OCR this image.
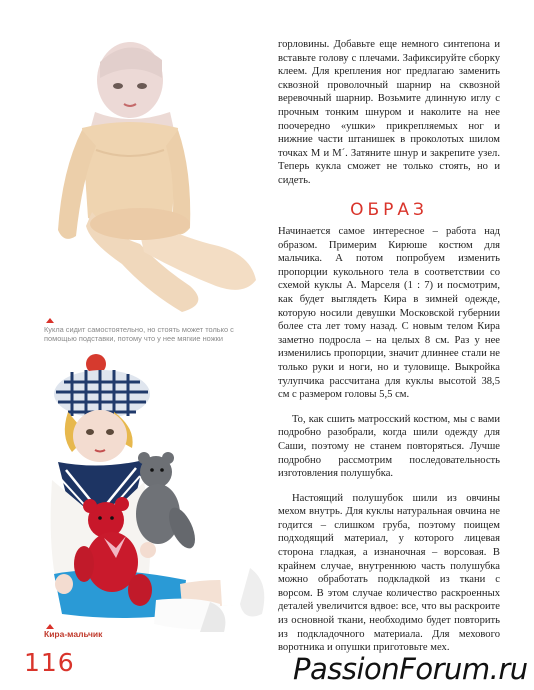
Кукла сидит самостоятельно, но стоять может только с помощью подставки, потому что у нее мягкие ножки
Кира-мальчик
116

горловины. Добавьте еще немного синтепона и вставьте голову с плечами. Зафиксируйте сборку клеем. Для крепления ног предлагаю заменить сквозной проволочный шарнир на сквозной веревочный шарнир. Возьмите длинную иглу с прочным тонким шнуром и наколите на нее поочередно «ушки» прикрепляемых ног и нижние части штанишек в проколотых шилом точках М и М´. Затяните шнур и закрепите узел. Теперь кукла сможет не только стоять, но и сидеть.

ОБРАЗ

Начинается самое интересное – работа над образом. Примерим Кирюше костюм для мальчика. А потом попробуем изменить пропорции кукольного тела в соответствии со схемой куклы А. Марселя (1 : 7) и посмотрим, как будет выглядеть Кира в зимней одежде, которую носили девушки Московской губернии более ста лет тому назад. С новым телом Кира заметно подросла – на целых 8 см. Раз у нее изменились пропорции, значит длиннее стали не только руки и ноги, но и туловище. Выкройка тулупчика рассчитана для куклы высотой 38,5 см с размером головы 5,5 см.

То, как сшить матросский костюм, мы с вами подробно разобрали, когда шили одежду для Саши, поэтому не станем повторяться. Лучше подробно рассмотрим последовательность изготовления полушубка.

Настоящий полушубок шили из овчины мехом внутрь. Для куклы натуральная овчина не годится – слишком груба, поэтому поищем подходящий материал, у которого лицевая сторона гладкая, а изнаночная – ворсовая. В крайнем случае, внутреннюю часть полушубка можно обработать подкладкой из ткани с ворсом. В этом случае количество раскроенных деталей увеличится вдвое: все, что вы раскроите из основной ткани, необходимо будет повторить из подкладочного материала. Для мехового воротника и опушки приготовьте мех.

PassionForum.ru
